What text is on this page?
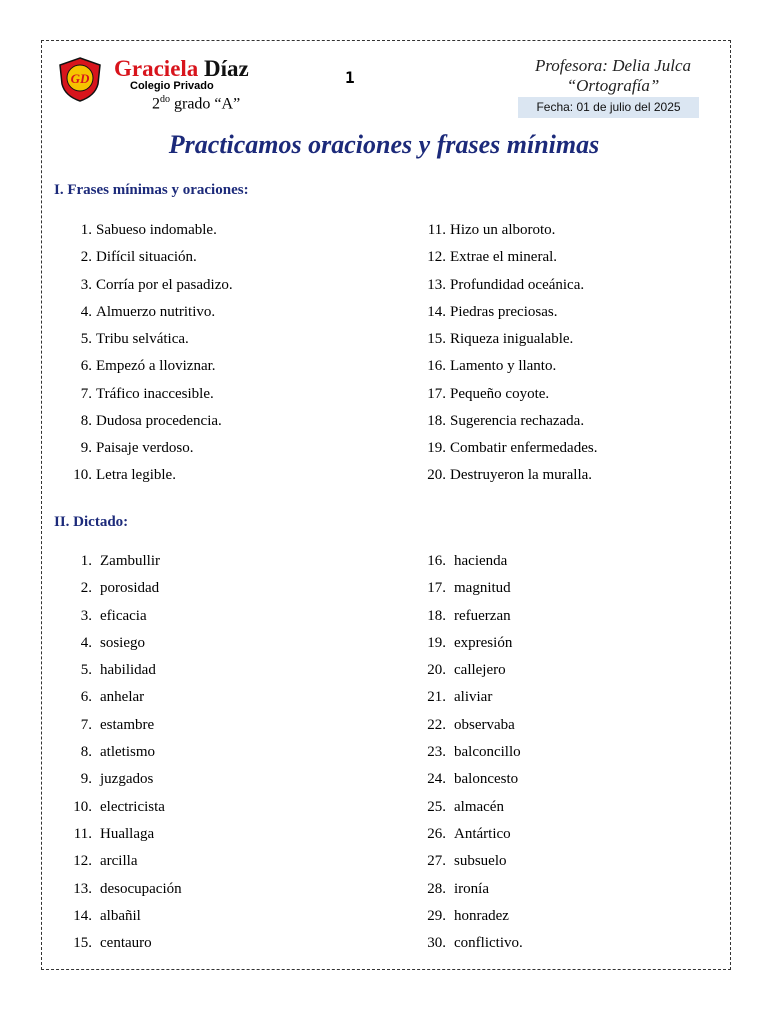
GD Graciela Díaz
Colegio Privado
$2^{do}$ grado “A”
1
Profesora: Delia Julca
“Ortografía”
Fecha: 01 de julio del 2025
Practicamos oraciones y frases mínimas
I. Frases mínimas y oraciones:
1. Sabueso indomable.
2. Difícil situación.
3. Corría por el pasadizo.
4. Almuerzo nutritivo.
5. Tribu selvática.
6. Empezó a lloviznar.
7. Tráfico inaccesible.
8. Dudosa procedencia.
9. Paisaje verdoso.
10. Letra legible.
11. Hizo un alboroto.
12. Extrae el mineral.
13. Profundidad oceánica.
14. Piedras preciosas.
15. Riqueza inigualable.
16. Lamento y llanto.
17. Pequeño coyote.
18. Sugerencia rechazada.
19. Combatir enfermedades.
20. Destruyeron la muralla.
II. Dictado:
1. Zambullir
2. porosidad
3. eficacia
4. sosiego
5. habilidad
6. anhelar
7. estambre
8. atletismo
9. juzgados
10. electricista
11. Huallaga
12. arcilla
13. desocupación
14. albañil
15. centauro
16. hacienda
17. magnitud
18. refuerzan
19. expresión
20. callejero
21. aliviar
22. observaba
23. balconcillo
24. baloncesto
25. almacén
26. Antártico
27. subsuelo
28. ironía
29. honradez
30. conflictivo.
